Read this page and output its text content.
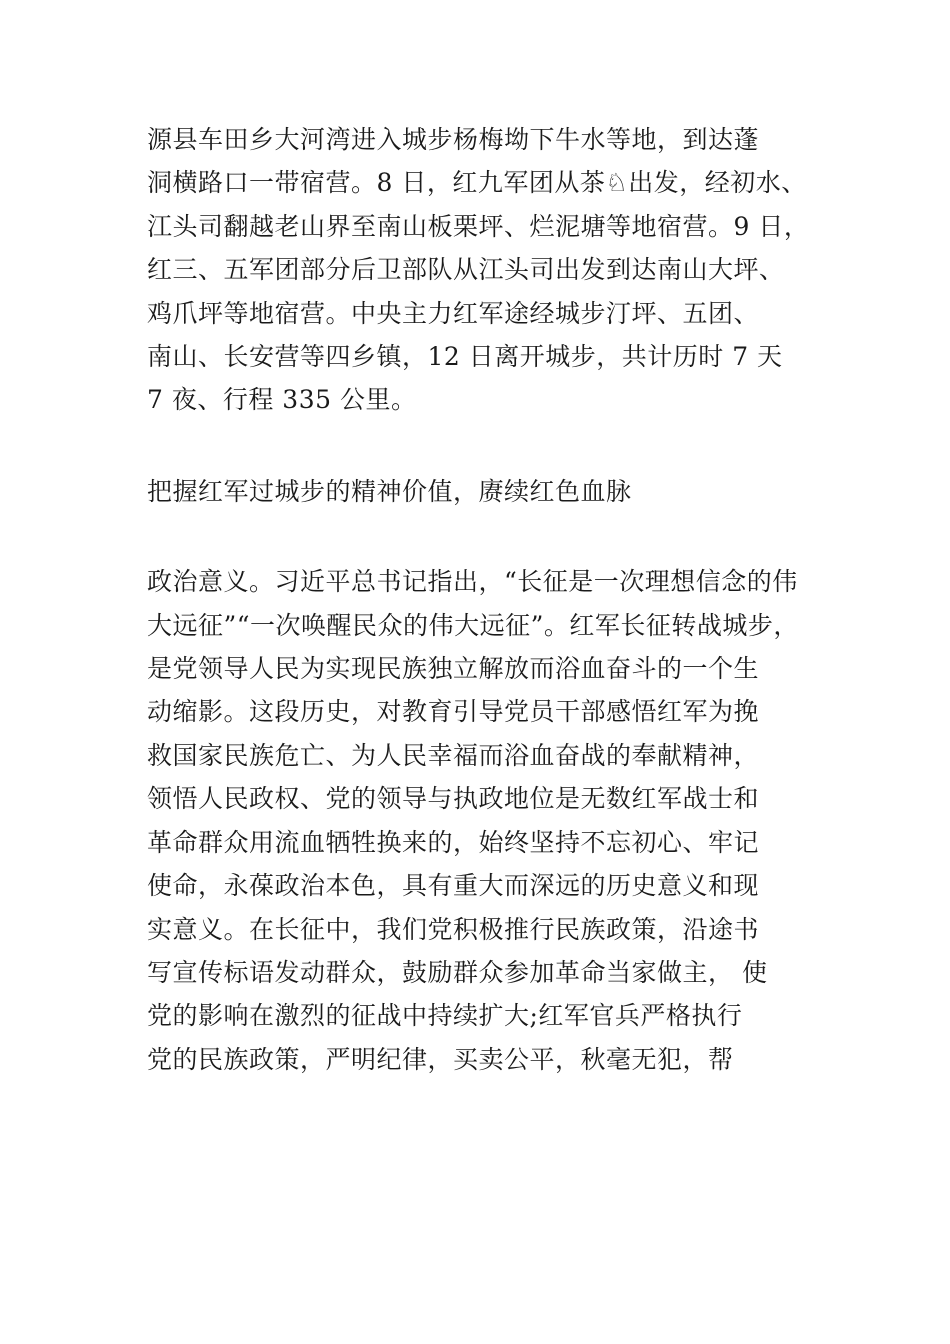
源县车田乡大河湾进入城步杨梅坳下牛水等地，到达蓬
洞横路口一带宿营。8 日，红九军团从茶♘出发，经初水、
江头司翻越老山界至南山板栗坪、烂泥塘等地宿营。9 日，
红三、五军团部分后卫部队从江头司出发到达南山大坪、
鸡爪坪等地宿营。中央主力红军途经城步汀坪、五团、
南山、长安营等四乡镇，12 日离开城步，共计历时 7 天
7 夜、行程 335 公里。
把握红军过城步的精神价值，赓续红色血脉
政治意义。习近平总书记指出，“长征是一次理想信念的伟
大远征”“一次唤醒民众的伟大远征”。红军长征转战城步，
是党领导人民为实现民族独立解放而浴血奋斗的一个生
动缩影。这段历史，对教育引导党员干部感悟红军为挽
救国家民族危亡、为人民幸福而浴血奋战的奉献精神，
领悟人民政权、党的领导与执政地位是无数红军战士和
革命群众用流血牺牲换来的，始终坚持不忘初心、牢记
使命，永葆政治本色，具有重大而深远的历史意义和现
实意义。在长征中，我们党积极推行民族政策，沿途书
写宣传标语发动群众，鼓励群众参加革命当家做主， 使
党的影响在激烈的征战中持续扩大;红军官兵严格执行
党的民族政策，严明纪律，买卖公平，秋毫无犯，帮
